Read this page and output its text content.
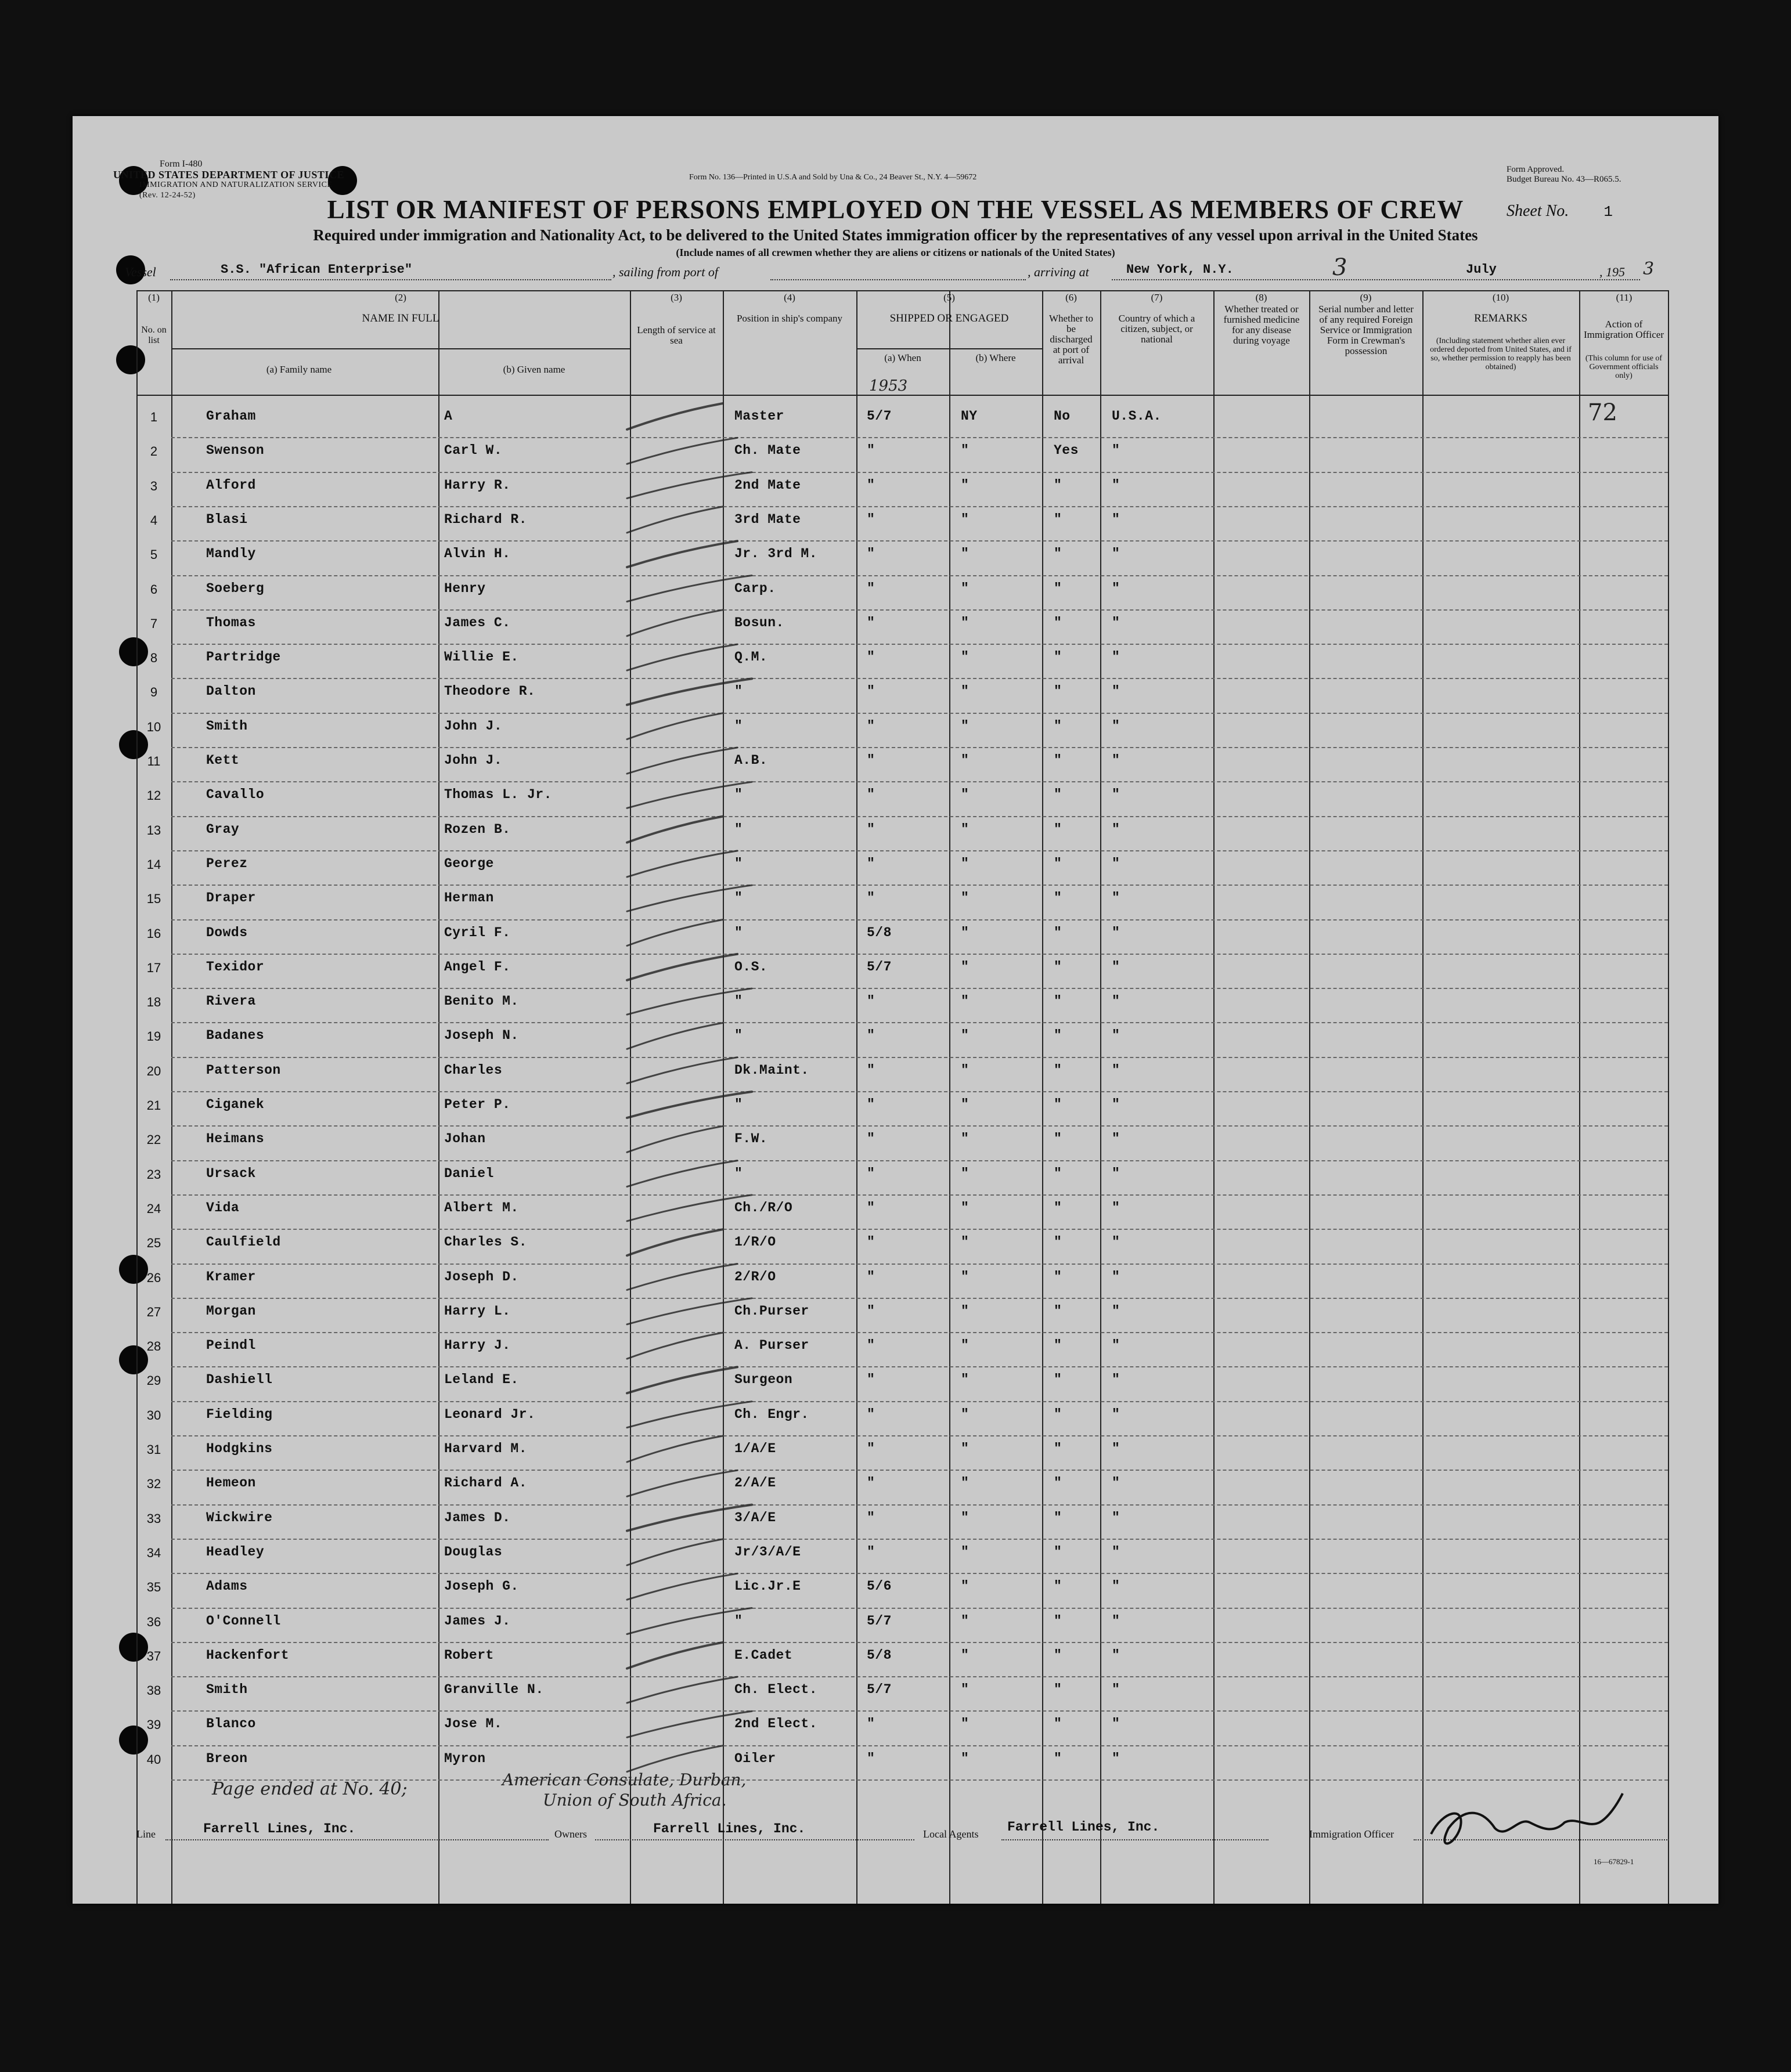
Form I-480
UNITED STATES DEPARTMENT OF JUSTICE
IMMIGRATION AND NATURALIZATION SERVICE
(Rev. 12-24-52)
Form No. 136—Printed in U.S.A and Sold by Una & Co., 24 Beaver St., N.Y. 4—59672
Form Approved.
Budget Bureau No. 43—R065.5.
LIST OR MANIFEST OF PERSONS EMPLOYED ON THE VESSEL AS MEMBERS OF CREW	Sheet No. 1
Required under immigration and Nationality Act, to be delivered to the United States immigration officer by the representatives of any vessel upon arrival in the United States
(Include names of all crewmen whether they are aliens or citizens or nationals of the United States)
Vessel	S.S. "African Enterprise"	, sailing from port of	, arriving at	New York, N.Y.	3	July	, 195 3
(1)
No. on list
(2)
NAME IN FULL
(a) Family name	(b) Given name
(3)
Length of service at sea
(4)
Position in ship's company
(5)
SHIPPED OR ENGAGED
(a) When	(b) Where
(6)
Whether to be discharged at port of arrival
(7)
Country of which a citizen, subject, or national
(8)
Whether treated or furnished medicine for any disease during voyage
(9)
Serial number and letter of any required Foreign Service or Immigration Form in Crewman's possession
(10)
REMARKS
(Including statement whether alien ever ordered deported from United States, and if so, whether permission to reapply has been obtained)
(11)
Action of Immigration Officer
(This column for use of Government officials only)
1953
72
1	Graham	A	Master	5/7	NY	No	U.S.A.
2	Swenson	Carl W.	Ch. Mate	"	"	Yes "
3	Alford	Harry R.	2nd Mate	"	"	"	"
4	Blasi	Richard R.	3rd Mate	"	"	"	"
5	Mandly	Alvin H.	Jr. 3rd M.	"	"	"	"
6	Soeberg	Henry	Carp.	"	"	"	"
7	Thomas	James C.	Bosun.	"	"	"	"
8	Partridge	Willie E.	Q.M.	"	"	"	"
9	Dalton	Theodore R.	"	"	"	"	"
10	Smith	John J.	"	"	"	"	"
11	Kett	John J.	A.B.	"	"	"	"
12	Cavallo	Thomas L. Jr.	"	"	"	"	"
13	Gray	Rozen B.	"	"	"	"	"
14	Perez	George	"	"	"	"	"
15	Draper	Herman	"	"	"	"	"
16	Dowds	Cyril F.	"	5/8	"	"	"
17	Texidor	Angel F.	O.S.	5/7	"	"	"
18	Rivera	Benito M.	"	"	"	"	"
19	Badanes	Joseph N.	"	"	"	"	"
20	Patterson	Charles	Dk.Maint.	"	"	"	"
21	Ciganek	Peter P.	"	"	"	"	"
22	Heimans	Johan	F.W.	"	"	"	"
23	Ursack	Daniel	"	"	"	"	"
24	Vida	Albert M.	Ch./R/O	"	"	"	"
25	Caulfield	Charles S.	1/R/O	"	"	"	"
26	Kramer	Joseph D.	2/R/O	"	"	"	"
27	Morgan	Harry L.	Ch.Purser	"	"	"	"
28	Peindl	Harry J.	A. Purser	"	"	"	"
29	Dashiell	Leland E.	Surgeon	"	"	"	"
30	Fielding	Leonard Jr.	Ch. Engr.	"	"	"	"
31	Hodgkins	Harvard M.	1/A/E	"	"	"	"
32	Hemeon	Richard A.	2/A/E	"	"	"	"
33	Wickwire	James D.	3/A/E	"	"	"	"
34	Headley	Douglas	Jr/3/A/E	"	"	"	"
35	Adams	Joseph G.	Lic.Jr.E	5/6	"	"	"
36	O'Connell	James J.	"	5/7	"	"	"
37	Hackenfort	Robert	E.Cadet	5/8	"	"	"
38	Smith	Granville N.	Ch. Elect.	5/7	"	"	"
39	Blanco	Jose M.	2nd Elect.	"	"	"	"
40	Breon	Myron	Oiler	"	"	"	"
Page ended at No. 40;	American Consulate, Durban,
Union of South Africa.
Line	Farrell Lines, Inc.	Owners	Farrell Lines, Inc.	Local Agents Farrell Lines, Inc.	Immigration Officer
16—67829-1
